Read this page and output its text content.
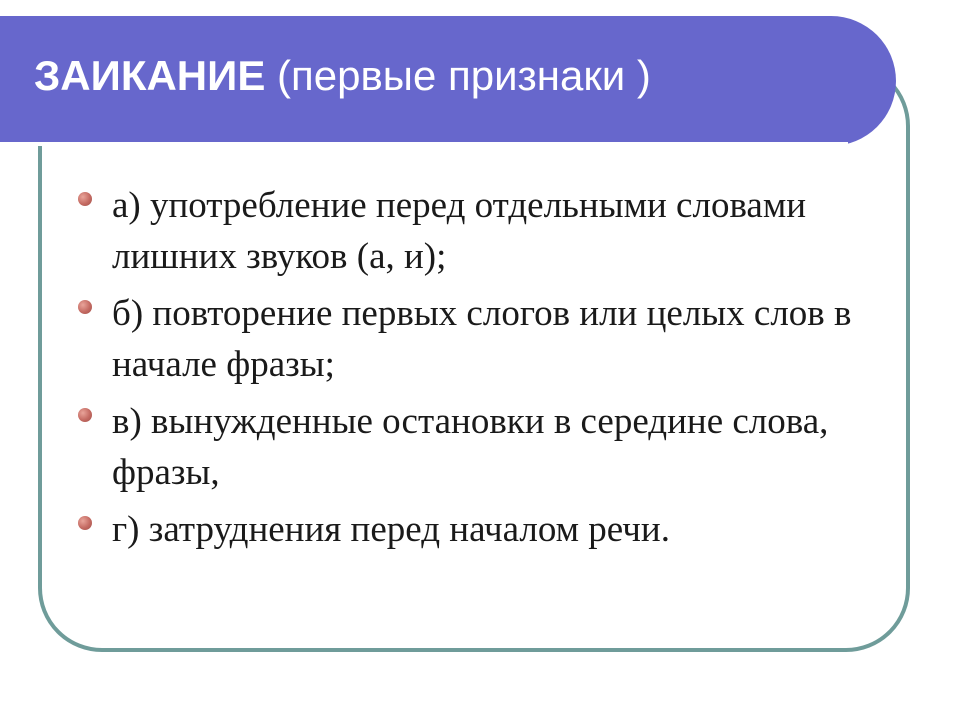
ЗАИКАНИЕ (первые признаки )
а) употребление перед отдельными словами лишних звуков (а, и);
б) повторение первых слогов или целых слов в начале фразы;
в) вынужденные остановки в середине слова, фразы,
г) затруднения перед началом речи.
